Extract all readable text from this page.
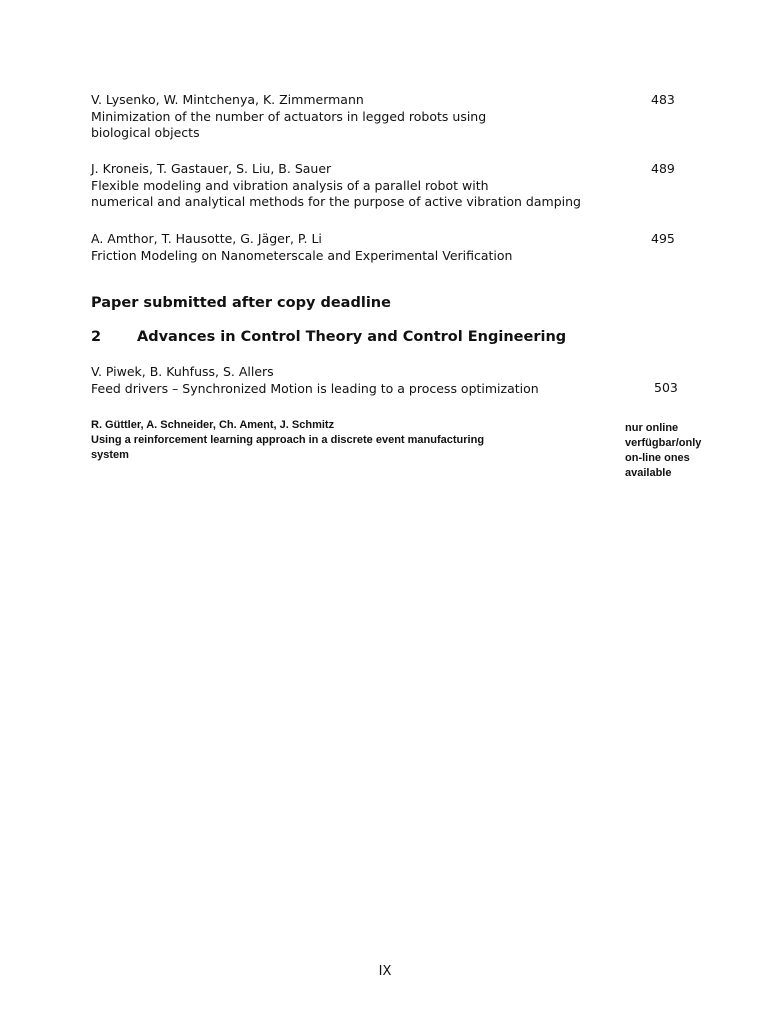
V. Lysenko, W. Mintchenya, K. Zimmermann
Minimization of the number of actuators in legged robots using
biological objects
483
J. Kroneis, T. Gastauer, S. Liu, B. Sauer
Flexible modeling and vibration analysis of a parallel robot with
numerical and analytical methods for the purpose of active vibration damping
489
A. Amthor, T. Hausotte, G. Jäger, P. Li
Friction Modeling on Nanometerscale and Experimental Verification
495
Paper submitted after copy deadline
2 Advances in Control Theory and Control Engineering
V. Piwek, B. Kuhfuss, S. Allers
Feed drivers – Synchronized Motion is leading to a process optimization	503
R. Güttler, A. Schneider, Ch. Ament, J. Schmitz
Using a reinforcement learning approach in a discrete event manufacturing
system
nur online
verfügbar/only
on-line ones
available
IX
